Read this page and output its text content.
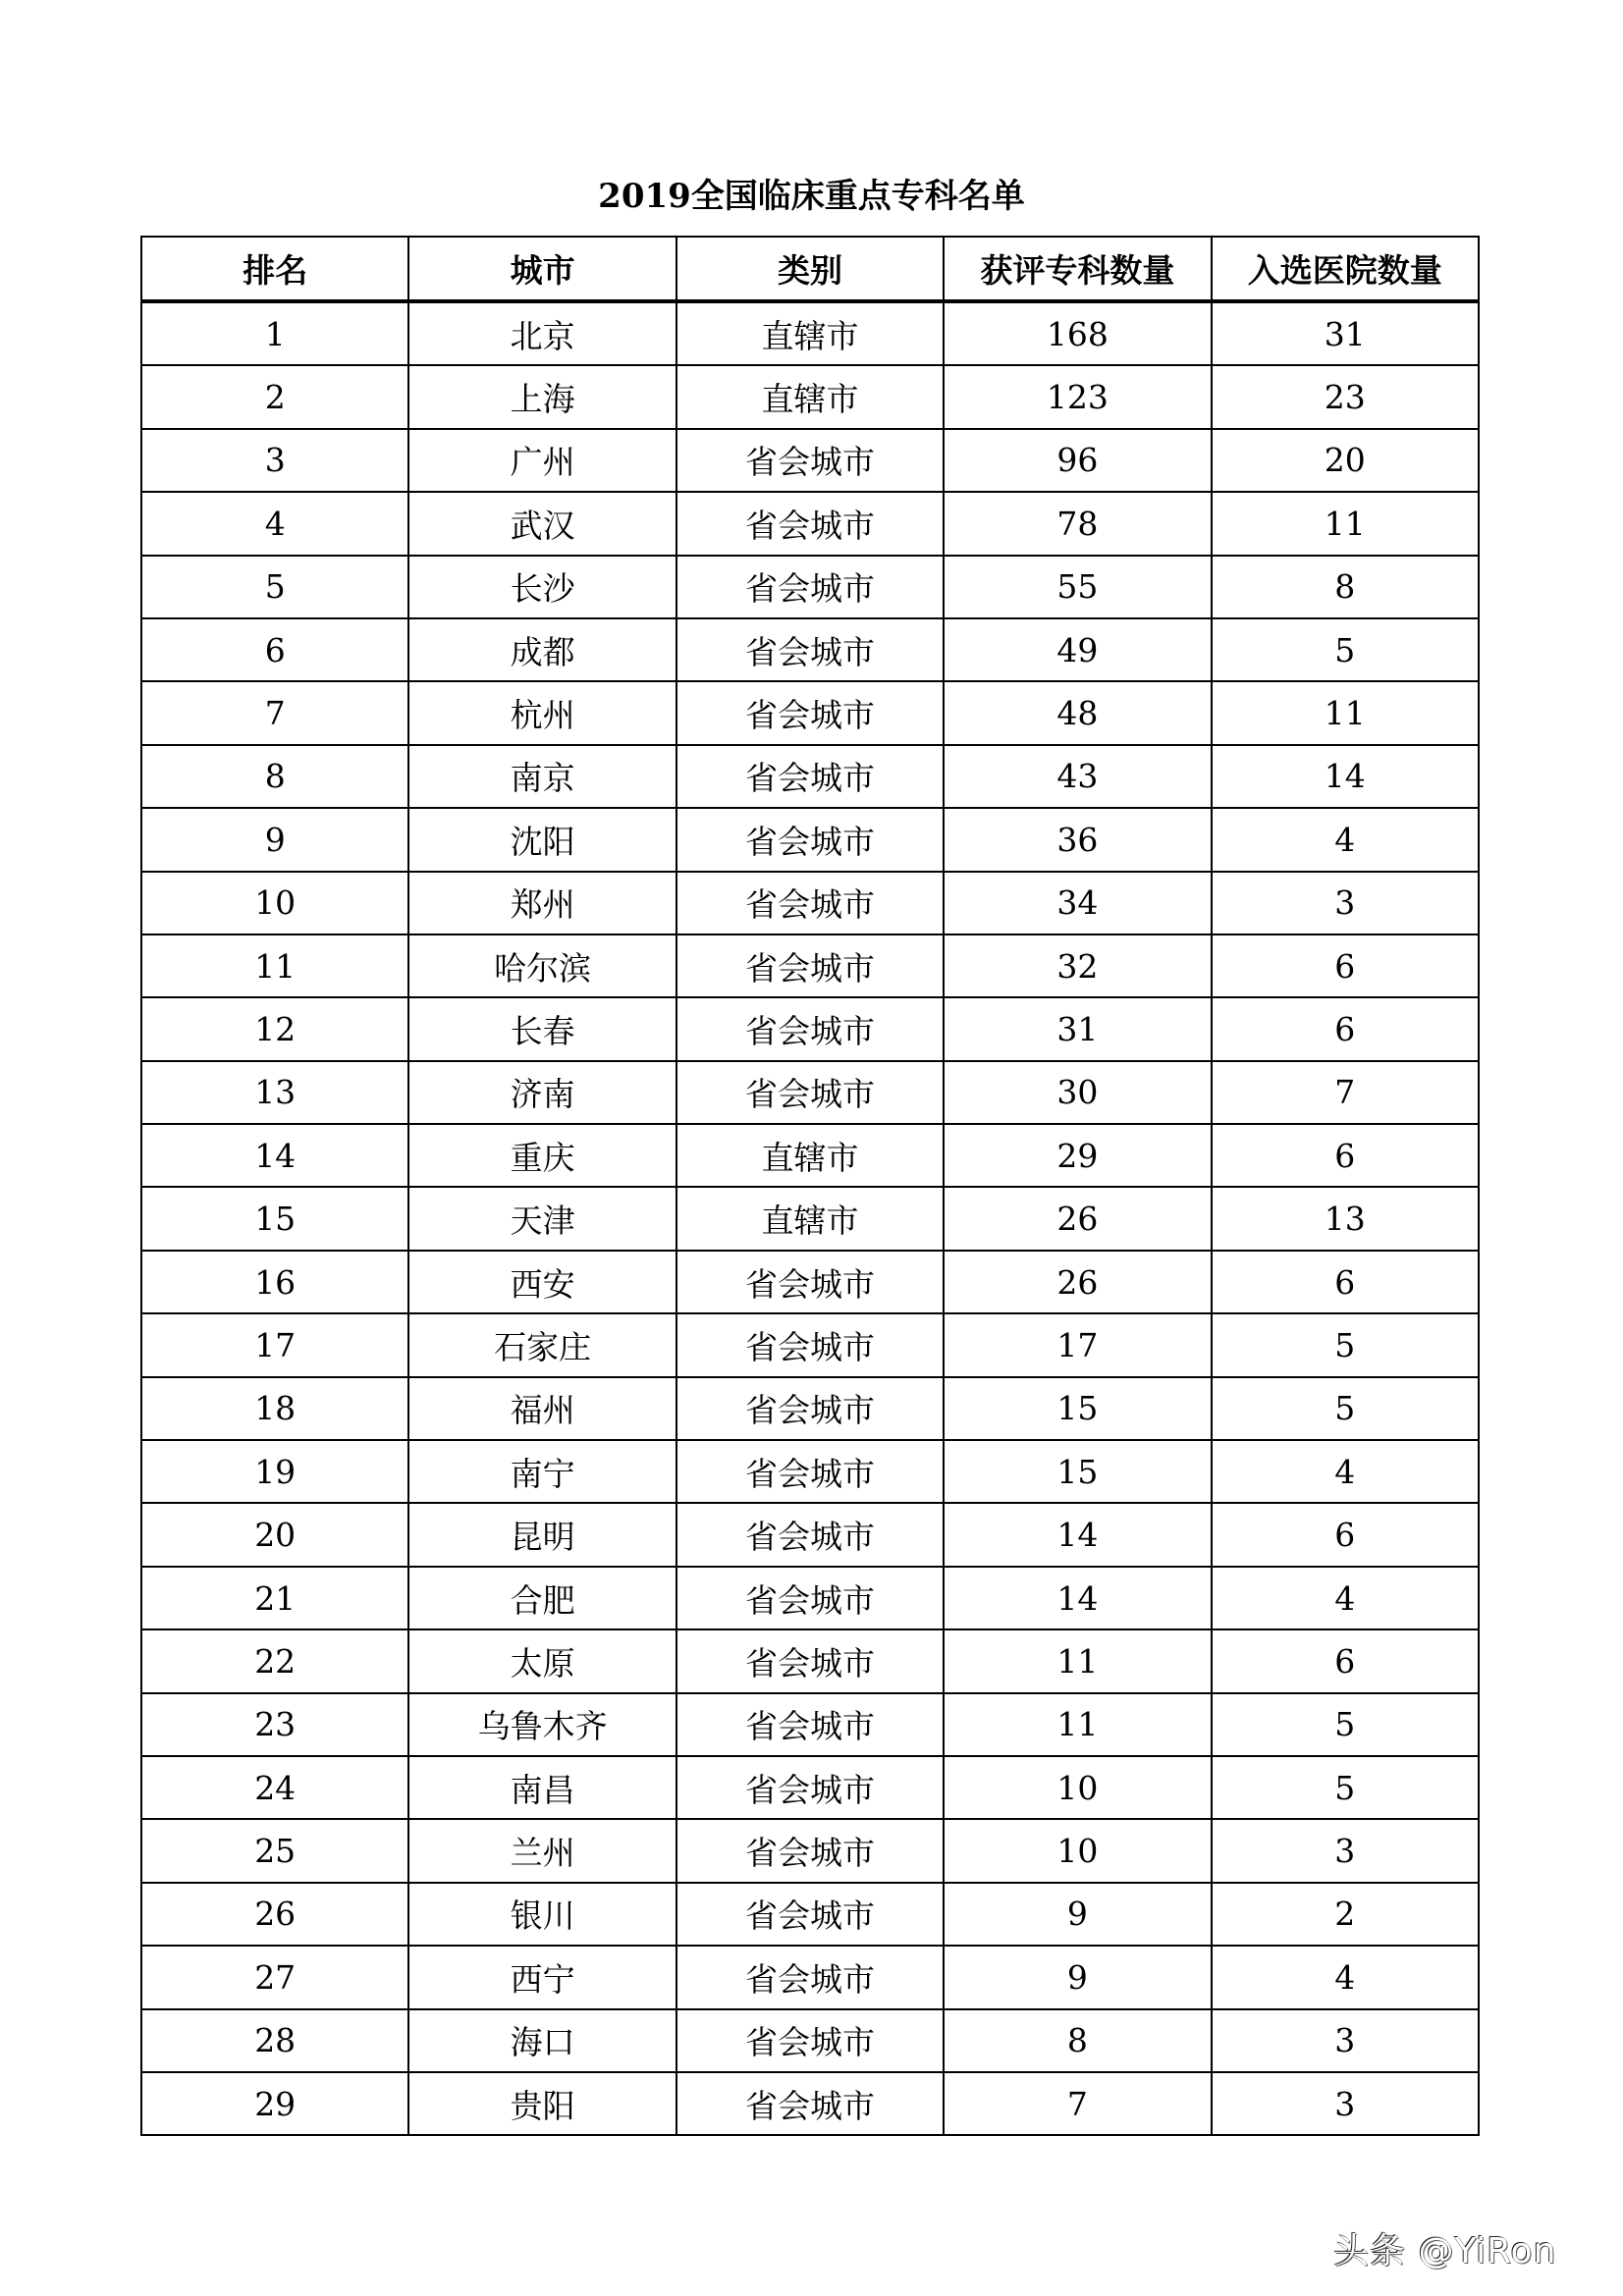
2019全国临床重点专科名单
排名	城市	类别	获评专科数量	入选医院数量
1	北京	直辖市	168	31
2	上海	直辖市	123	23
3	广州	省会城市	96	20
4	武汉	省会城市	78	11
5	长沙	省会城市	55	8
6	成都	省会城市	49	5
7	杭州	省会城市	48	11
8	南京	省会城市	43	14
9	沈阳	省会城市	36	4
10	郑州	省会城市	34	3
11	哈尔滨	省会城市	32	6
12	长春	省会城市	31	6
13	济南	省会城市	30	7
14	重庆	直辖市	29	6
15	天津	直辖市	26	13
16	西安	省会城市	26	6
17	石家庄	省会城市	17	5
18	福州	省会城市	15	5
19	南宁	省会城市	15	4
20	昆明	省会城市	14	6
21	合肥	省会城市	14	4
22	太原	省会城市	11	6
23	乌鲁木齐	省会城市	11	5
24	南昌	省会城市	10	5
25	兰州	省会城市	10	3
26	银川	省会城市	9	2
27	西宁	省会城市	9	4
28	海口	省会城市	8	3
29	贵阳	省会城市	7	3
头条 @YiRon
